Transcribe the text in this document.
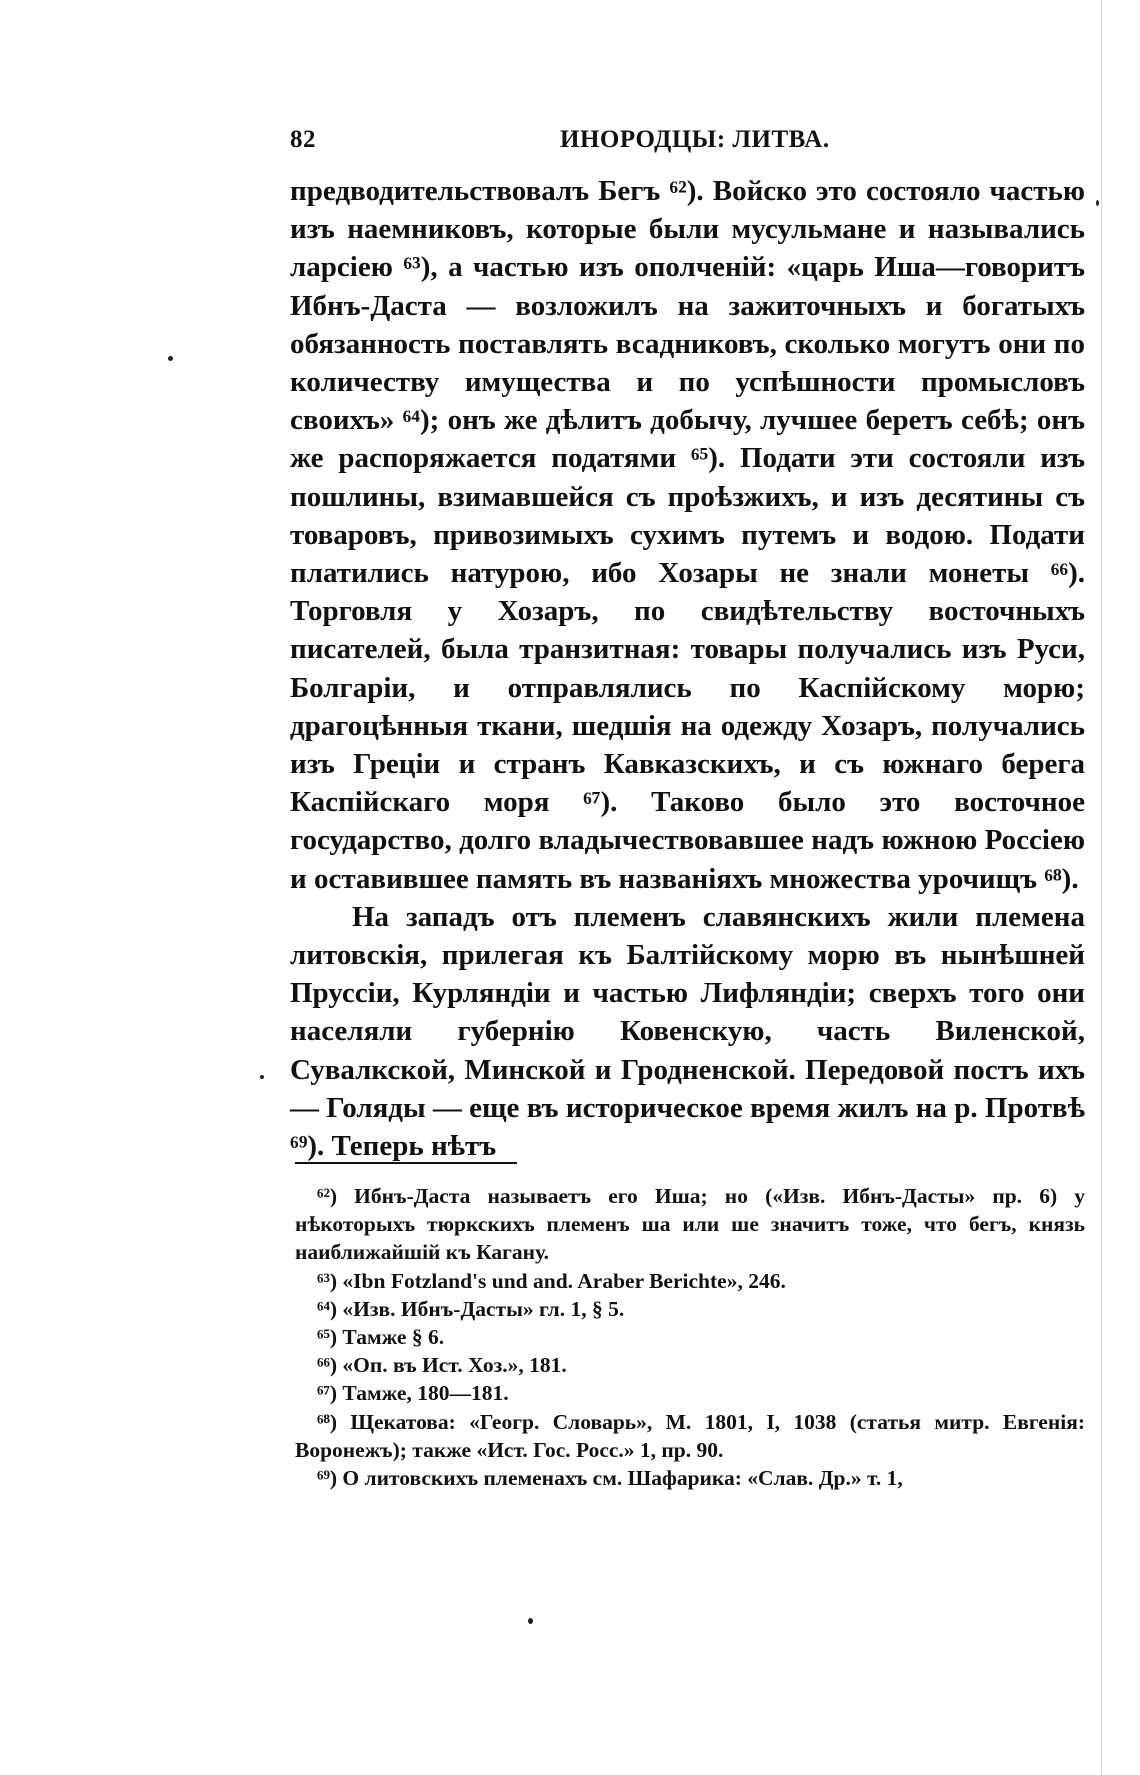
82	ИНОРОДЦЫ: ЛИТВА.

предводительствовалъ Бегъ ⁶²). Войско это состояло частью изъ наемниковъ, которые были мусульмане и назывались ларсiею ⁶³), а частью изъ ополченiй: «царь Иша—говоритъ Ибнъ-Даста — возложилъ на зажиточныхъ и богатыхъ обязанность поставлять всадниковъ, сколько могутъ они по количеству имущества и по успѣшности промысловъ своихъ» ⁶⁴); онъ же дѣлитъ добычу, лучшее беретъ себѣ; онъ же распоряжается податями ⁶⁵). Подати эти состояли изъ пошлины, взимавшейся съ проѣзжихъ, и изъ десятины съ товаровъ, привозимыхъ сухимъ путемъ и водою. Подати платились натурою, ибо Хозары не знали монеты ⁶⁶). Торговля у Хозаръ, по свидѣтельству восточныхъ писателей, была транзитная: товары получались изъ Руси, Болгарiи, и отправлялись по Каспiйскому морю; драгоцѣнныя ткани, шедшiя на одежду Хозаръ, получались изъ Грецiи и странъ Кавказскихъ, и съ южнаго берега Каспiйскаго моря ⁶⁷). Таково было это восточное государство, долго владычествовавшее надъ южною Россiею и оставившее память въ названiяхъ множества урочищъ ⁶⁸).

На западъ отъ племенъ славянскихъ жили племена литовскiя, прилегая къ Балтiйскому морю въ нынѣшней Пруссiи, Курляндiи и частью Лифляндiи; сверхъ того они населяли губернiю Ковенскую, часть Виленской, Сувалкской, Минской и Гродненской. Передовой постъ ихъ — Голяды — еще въ историческое время жилъ на р. Протвѣ ⁶⁹). Теперь нѣтъ

⁶²) Ибнъ-Даста называетъ его Иша; но («Изв. Ибнъ-Дасты» пр. 6) у нѣкоторыхъ тюркскихъ племенъ ша или ше значитъ тоже, что бегъ, князь наиближайшiй къ Кагану.

⁶³) «Ibn Fotzland's und and. Araber Berichte», 246.

⁶⁴) «Изв. Ибнъ-Дасты» гл. 1, § 5.

⁶⁵) Тамже § 6.

⁶⁶) «Оп. въ Ист. Хоз.», 181.

⁶⁷) Тамже, 180—181.

⁶⁸) Щекатова: «Геогр. Словарь», М. 1801, I, 1038 (статья митр. Евгенiя: Воронежъ); также «Ист. Гос. Росс.» 1, пр. 90.

⁶⁹) О литовскихъ племенахъ см. Шафарика: «Слав. Др.» т. 1,
